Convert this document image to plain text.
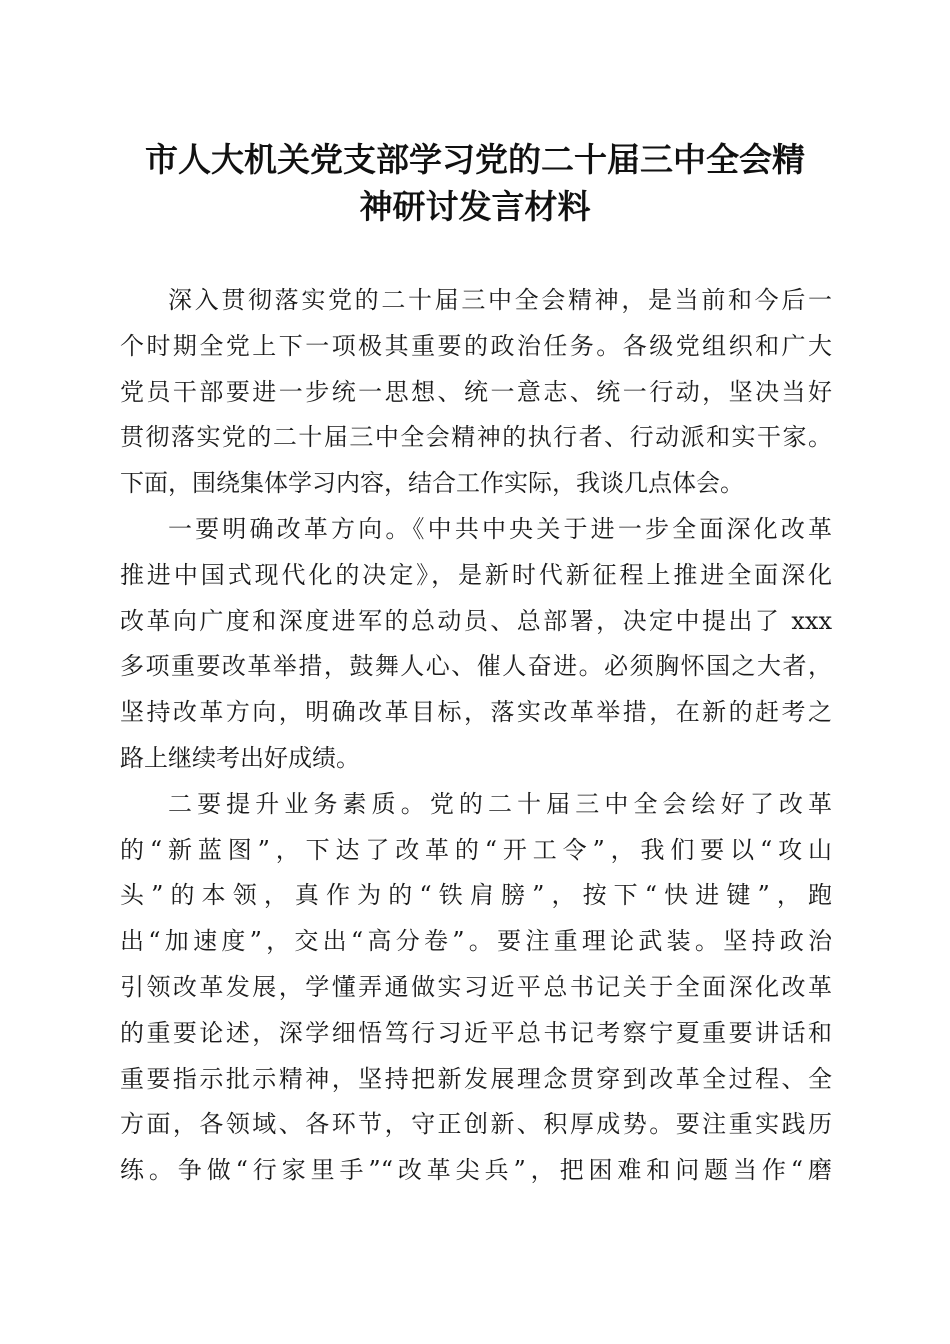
市人大机关党支部学习党的二十届三中全会精
神研讨发言材料
深入贯彻落实党的二十届三中全会精神，是当前和今后一
个时期全党上下一项极其重要的政治任务。各级党组织和广大
党员干部要进一步统一思想、统一意志、统一行动，坚决当好
贯彻落实党的二十届三中全会精神的执行者、行动派和实干家。
下面，围绕集体学习内容，结合工作实际，我谈几点体会。
一要明确改革方向。《中共中央关于进一步全面深化改革
推进中国式现代化的决定》，是新时代新征程上推进全面深化
改革向广度和深度进军的总动员、总部署，决定中提出了 xxx
多项重要改革举措，鼓舞人心、催人奋进。必须胸怀国之大者，
坚持改革方向，明确改革目标，落实改革举措，在新的赶考之
路上继续考出好成绩。
二要提升业务素质。党的二十届三中全会绘好了改革
的“新蓝图”，下达了改革的“开工令”，我们要以“攻山
头”的本领，真作为的“铁肩膀”，按下“快进键”，跑
出“加速度”，交出“高分卷”。要注重理论武装。坚持政治
引领改革发展，学懂弄通做实习近平总书记关于全面深化改革
的重要论述，深学细悟笃行习近平总书记考察宁夏重要讲话和
重要指示批示精神，坚持把新发展理念贯穿到改革全过程、全
方面，各领域、各环节，守正创新、积厚成势。要注重实践历
练。争做“行家里手”“改革尖兵”，把困难和问题当作“磨
